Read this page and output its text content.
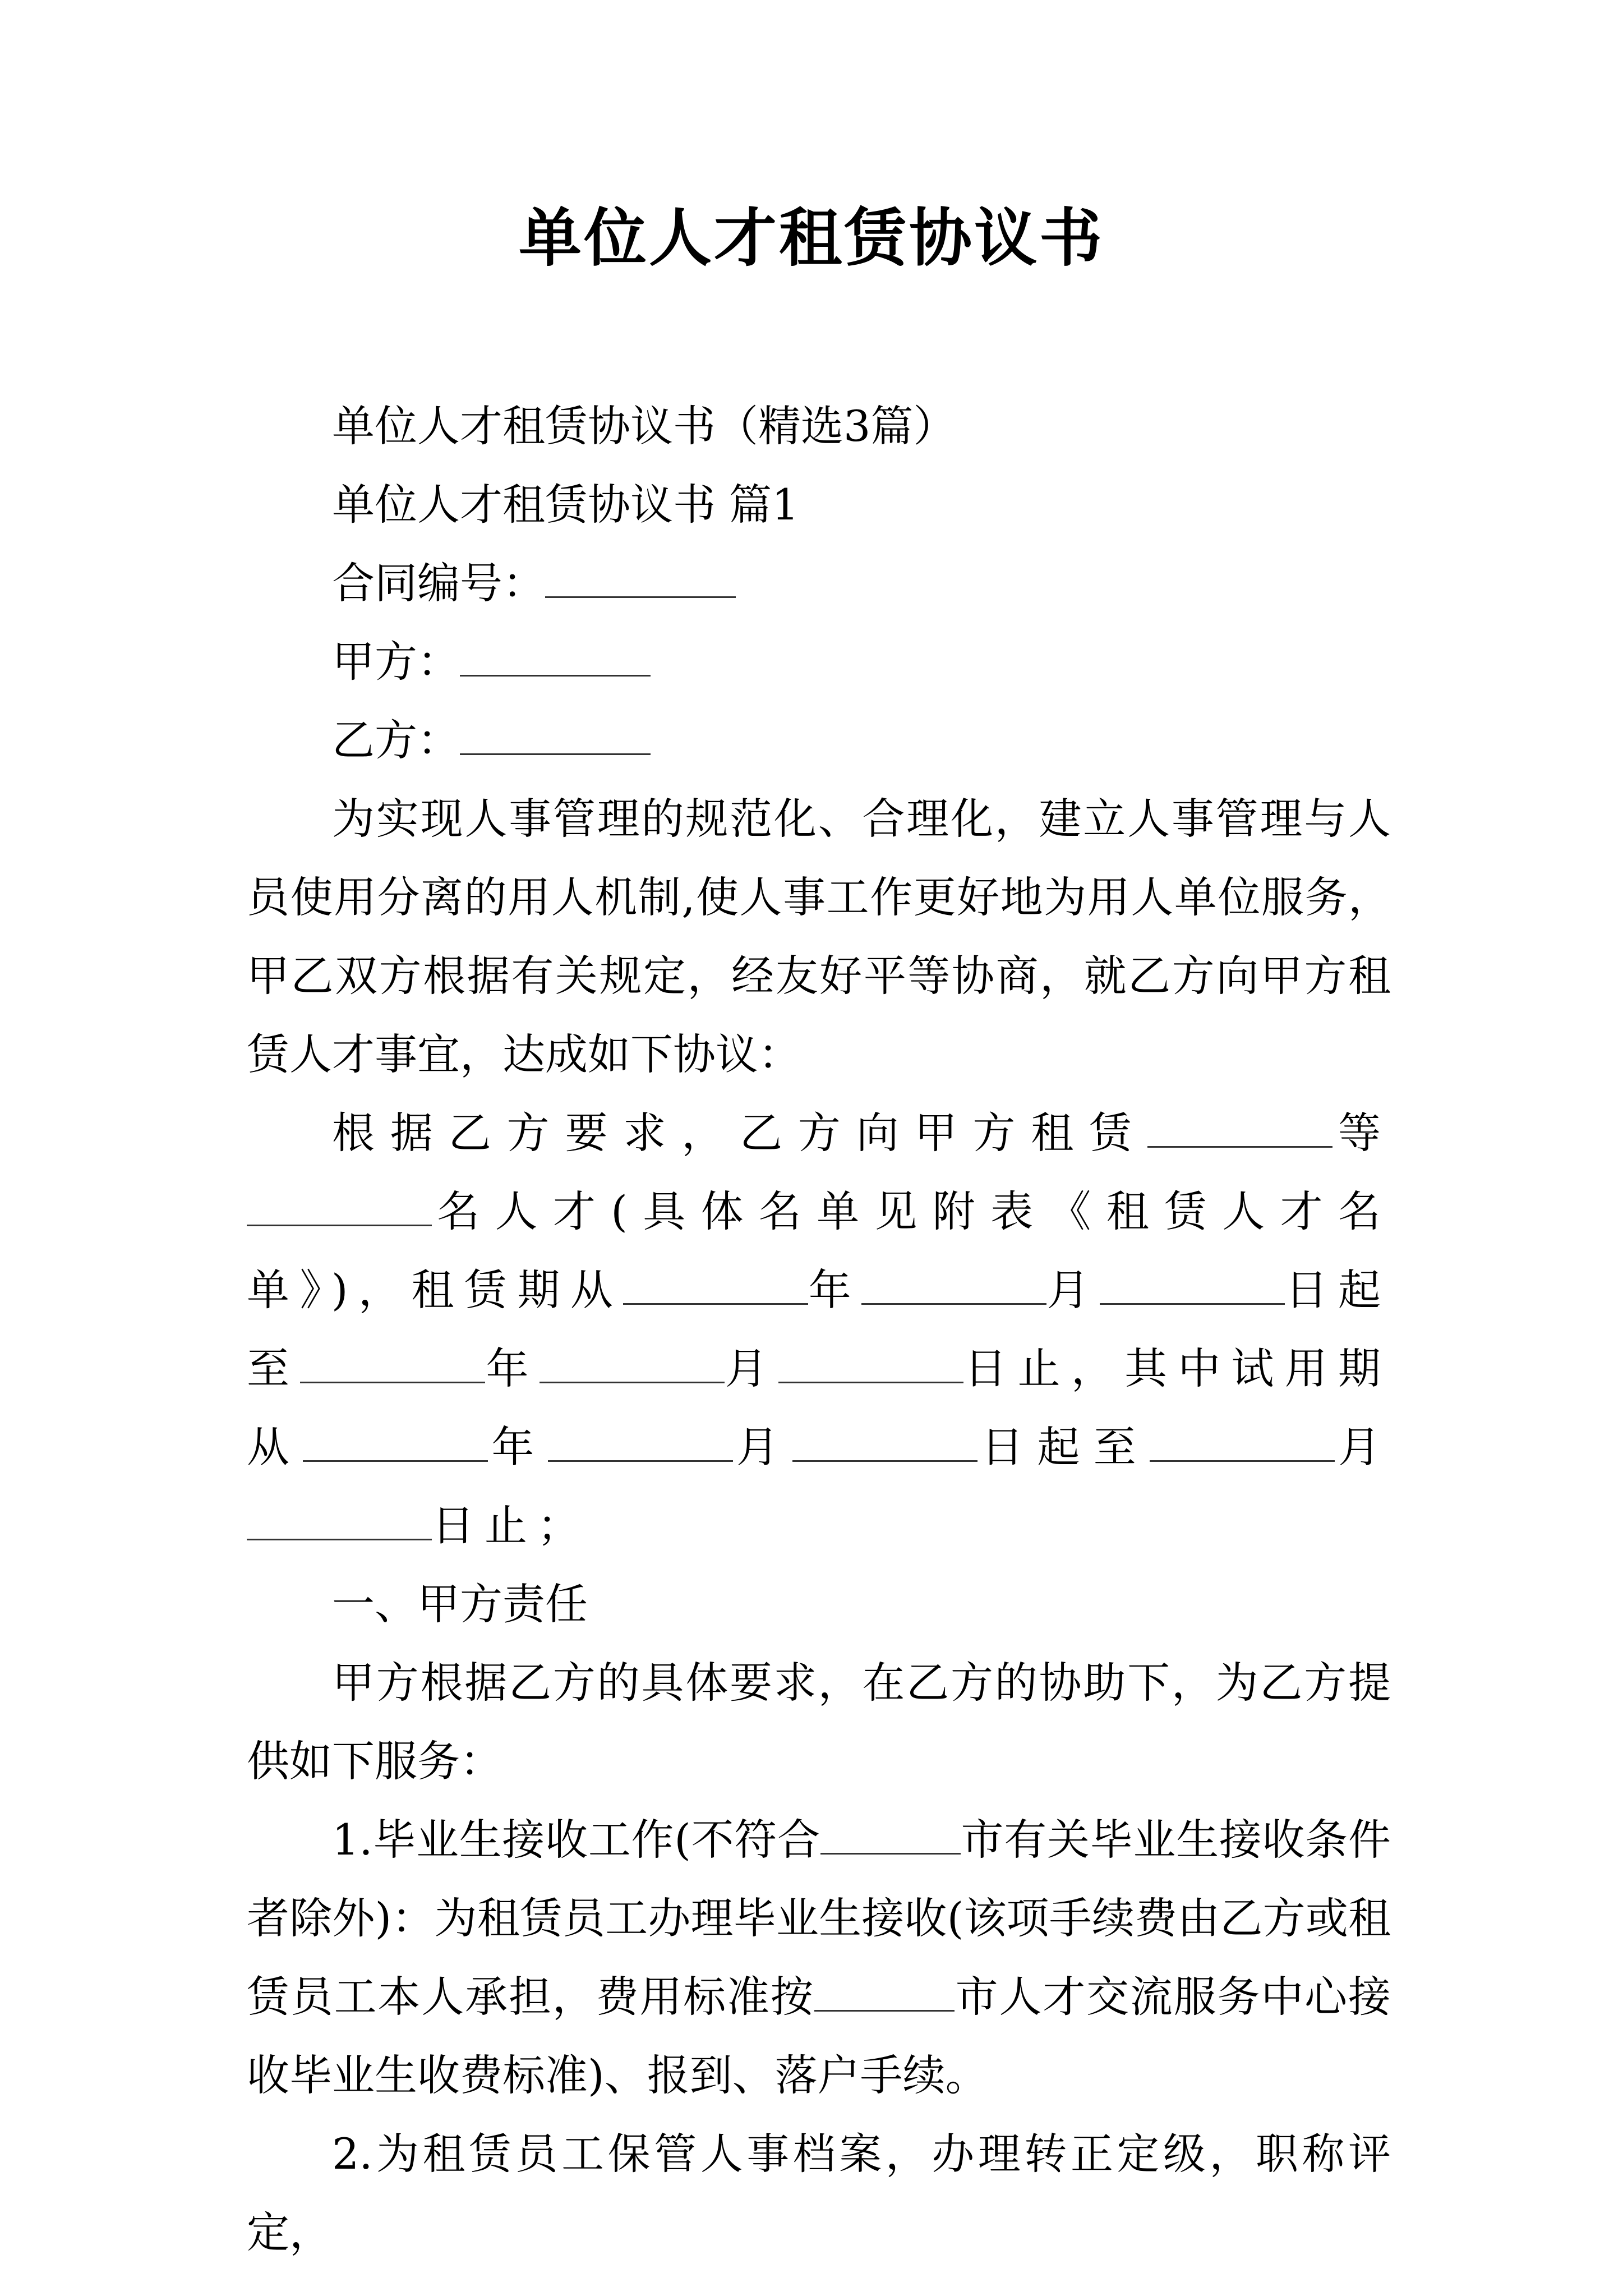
单位人才租赁协议书

单位人才租赁协议书（精选3篇）

单位人才租赁协议书 篇1

合同编号：

甲方：

乙方：

为实现人事管理的规范化、合理化，建立人事管理与人员使用分离的用人机制,使人事工作更好地为用人单位服务，甲乙双方根据有关规定，经友好平等协商，就乙方向甲方租赁人才事宜，达成如下协议：

根据乙方要求，乙方向甲方租赁	等名人才(具体名单见附表《租赁人才名单》)，租赁期从	年	月	日起至	年	月	日止，其中试用期从	年	月	日起至	月日止；

一、甲方责任

甲方根据乙方的具体要求，在乙方的协助下，为乙方提供如下服务：

1.毕业生接收工作(不符合	市有关毕业生接收条件者除外)：为租赁员工办理毕业生接收(该项手续费由乙方或租赁员工本人承担，费用标准按	市人才交流服务中心接收毕业生收费标准)、报到、落户手续。

2.为租赁员工保管人事档案，办理转正定级，职称评定，
